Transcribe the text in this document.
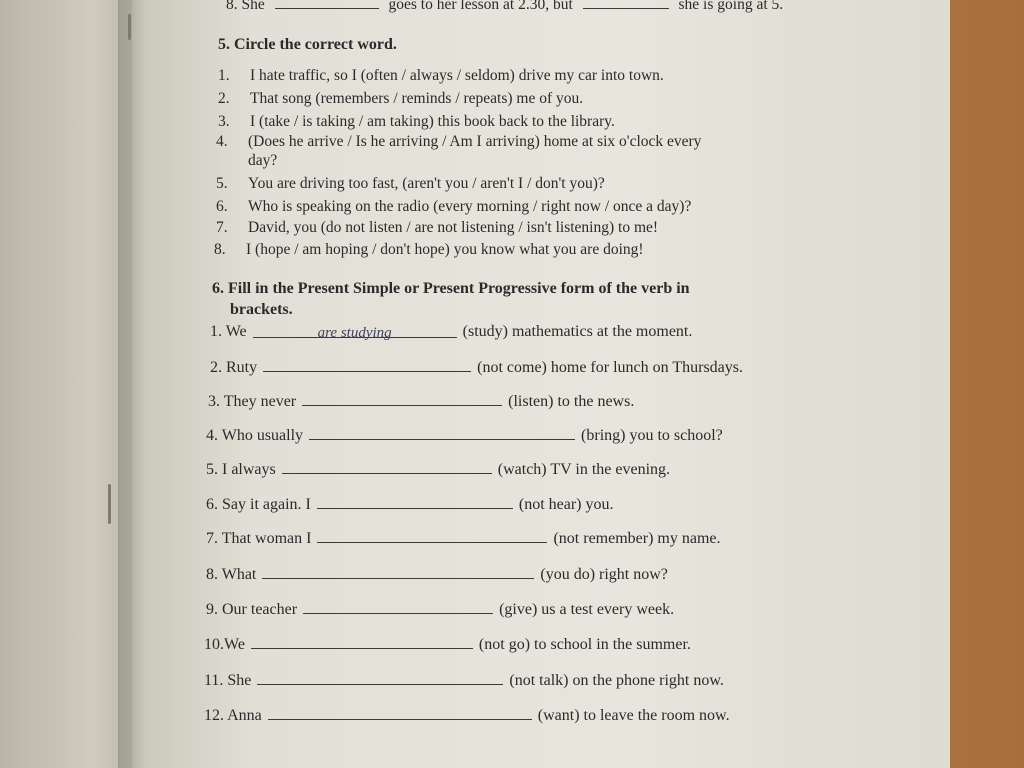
8. She	goes to her lesson at 2.30, but	she is going at 5.
5. Circle the correct word.
1. I hate traffic, so I (often / always / seldom) drive my car into town.
2. That song (remembers / reminds / repeats) me of you.
3. I (take / is taking / am taking) this book back to the library.
4. (Does he arrive / Is he arriving / Am I arriving) home at six o'clock every
day?
5. You are driving too fast, (aren't you / aren't I / don't you)?
6. Who is speaking on the radio (every morning / right now / once a day)?
7. David, you (do not listen / are not listening / isn't listening) to me!
8. I (hope / am hoping / don't hope) you know what you are doing!
6. Fill in the Present Simple or Present Progressive form of the verb in
brackets.
1. We	are studying	(study) mathematics at the moment.
2. Ruty	(not come) home for lunch on Thursdays.
3. They never	(listen) to the news.
4. Who usually	(bring) you to school?
5. I always	(watch) TV in the evening.
6. Say it again. I	(not hear) you.
7. That woman I	(not remember) my name.
8. What	(you do) right now?
9. Our teacher	(give) us a test every week.
10.We	(not go) to school in the summer.
11. She	(not talk) on the phone right now.
12. Anna	(want) to leave the room now.
